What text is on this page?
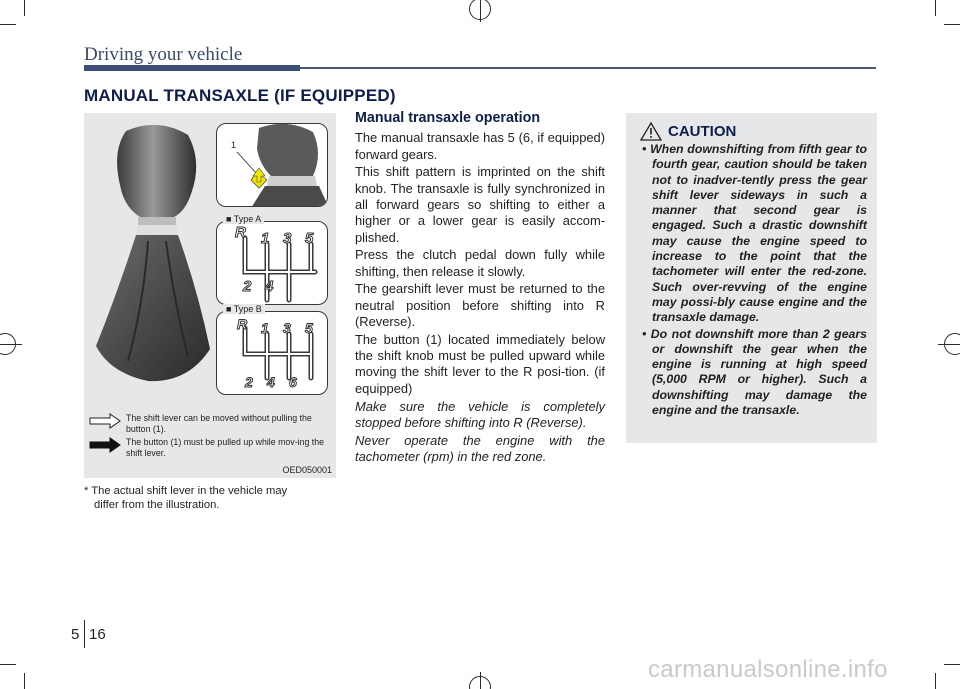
Driving your vehicle
MANUAL TRANSAXLE (IF EQUIPPED)
1
■ Type A
R 1 3 5
2 4
■ Type B
R 1 3 5
2 4 6
The shift lever can be moved without pulling the button (1).
The button (1) must be pulled up while mov-ing the shift lever.
OED050001
* The actual shift lever in the vehicle may
differ from the illustration.
Manual transaxle operation

The manual transaxle has 5 (6, if equipped) forward gears.

This shift pattern is imprinted on the shift knob. The transaxle is fully synchronized in all forward gears so shifting to either a higher or a lower gear is easily accom-plished.

Press the clutch pedal down fully while shifting, then release it slowly.

The gearshift lever must be returned to the neutral position before shifting into R (Reverse).

The button (1) located immediately below the shift knob must be pulled upward while moving the shift lever to the R posi-tion. (if equipped)

Make sure the vehicle is completely stopped before shifting into R (Reverse).

Never operate the engine with the tachometer (rpm) in the red zone.

CAUTION
• When downshifting from fifth gear to fourth gear, caution should be taken not to inadver-tently press the gear shift lever sideways in such a manner that second gear is engaged. Such a drastic downshift may cause the engine speed to increase to the point that the tachometer will enter the red-zone. Such over-revving of the engine may possi-bly cause engine and the transaxle damage.
• Do not downshift more than 2 gears or downshift the gear when the engine is running at high speed (5,000 RPM or higher). Such a downshifting may damage the engine and the transaxle.
5 16
carmanualsonline.info
